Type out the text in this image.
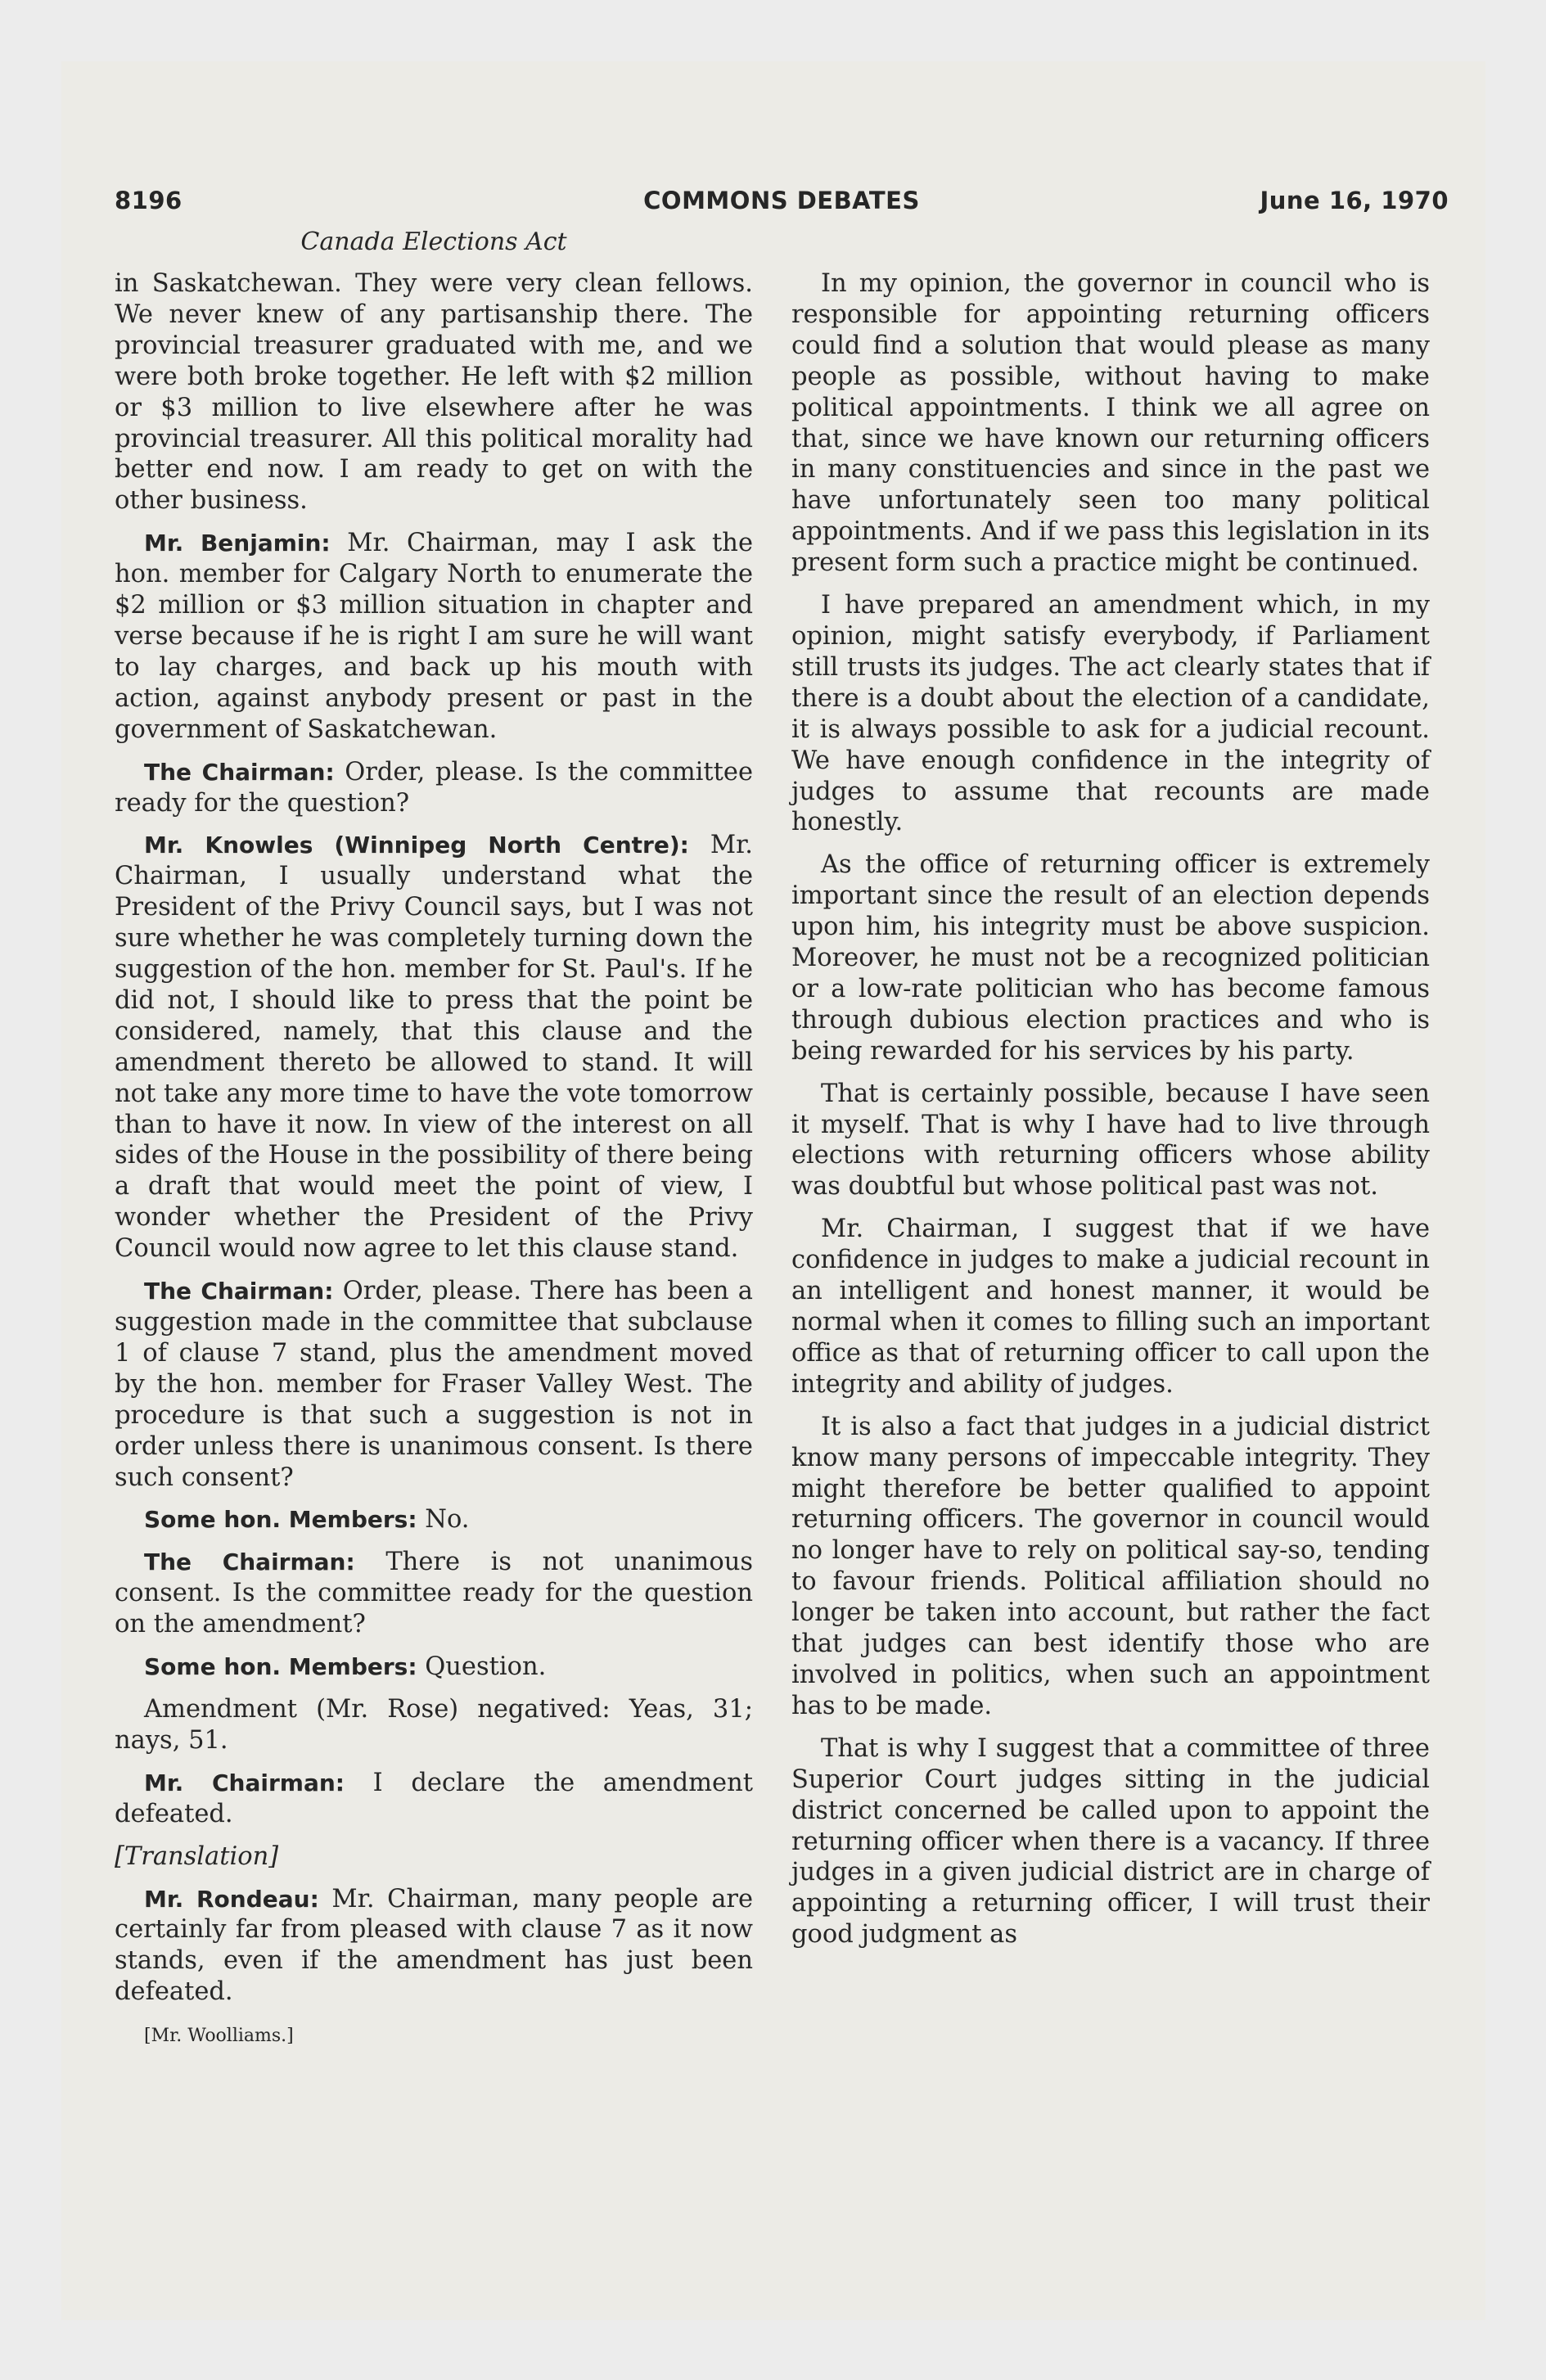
8196	COMMONS DEBATES	June 16, 1970
Canada Elections Act

in Saskatchewan. They were very clean fellows. We never knew of any partisanship there. The provincial treasurer graduated with me, and we were both broke together. He left with $2 million or $3 million to live elsewhere after he was provincial treasurer. All this political morality had better end now. I am ready to get on with the other business.

Mr. Benjamin: Mr. Chairman, may I ask the hon. member for Calgary North to enumerate the $2 million or $3 million situation in chapter and verse because if he is right I am sure he will want to lay charges, and back up his mouth with action, against anybody present or past in the government of Saskatchewan.

The Chairman: Order, please. Is the committee ready for the question?

Mr. Knowles (Winnipeg North Centre): Mr. Chairman, I usually understand what the President of the Privy Council says, but I was not sure whether he was completely turning down the suggestion of the hon. member for St. Paul's. If he did not, I should like to press that the point be considered, namely, that this clause and the amendment thereto be allowed to stand. It will not take any more time to have the vote tomorrow than to have it now. In view of the interest on all sides of the House in the possibility of there being a draft that would meet the point of view, I wonder whether the President of the Privy Council would now agree to let this clause stand.

The Chairman: Order, please. There has been a suggestion made in the committee that subclause 1 of clause 7 stand, plus the amendment moved by the hon. member for Fraser Valley West. The procedure is that such a suggestion is not in order unless there is unanimous consent. Is there such consent?

Some hon. Members: No.

The Chairman: There is not unanimous consent. Is the committee ready for the question on the amendment?

Some hon. Members: Question.

Amendment (Mr. Rose) negatived: Yeas, 31; nays, 51.

Mr. Chairman: I declare the amendment defeated.

[Translation]

Mr. Rondeau: Mr. Chairman, many people are certainly far from pleased with clause 7 as it now stands, even if the amendment has just been defeated.

[Mr. Woolliams.]

In my opinion, the governor in council who is responsible for appointing returning officers could find a solution that would please as many people as possible, without having to make political appointments. I think we all agree on that, since we have known our returning officers in many constituencies and since in the past we have unfortunately seen too many political appointments. And if we pass this legislation in its present form such a practice might be continued.

I have prepared an amendment which, in my opinion, might satisfy everybody, if Parliament still trusts its judges. The act clearly states that if there is a doubt about the election of a candidate, it is always possible to ask for a judicial recount. We have enough confidence in the integrity of judges to assume that recounts are made honestly.

As the office of returning officer is extremely important since the result of an election depends upon him, his integrity must be above suspicion. Moreover, he must not be a recognized politician or a low-rate politician who has become famous through dubious election practices and who is being rewarded for his services by his party.

That is certainly possible, because I have seen it myself. That is why I have had to live through elections with returning officers whose ability was doubtful but whose political past was not.

Mr. Chairman, I suggest that if we have confidence in judges to make a judicial recount in an intelligent and honest manner, it would be normal when it comes to filling such an important office as that of returning officer to call upon the integrity and ability of judges.

It is also a fact that judges in a judicial district know many persons of impeccable integrity. They might therefore be better qualified to appoint returning officers. The governor in council would no longer have to rely on political say-so, tending to favour friends. Political affiliation should no longer be taken into account, but rather the fact that judges can best identify those who are involved in politics, when such an appointment has to be made.

That is why I suggest that a committee of three Superior Court judges sitting in the judicial district concerned be called upon to appoint the returning officer when there is a vacancy. If three judges in a given judicial district are in charge of appointing a returning officer, I will trust their good judgment as
